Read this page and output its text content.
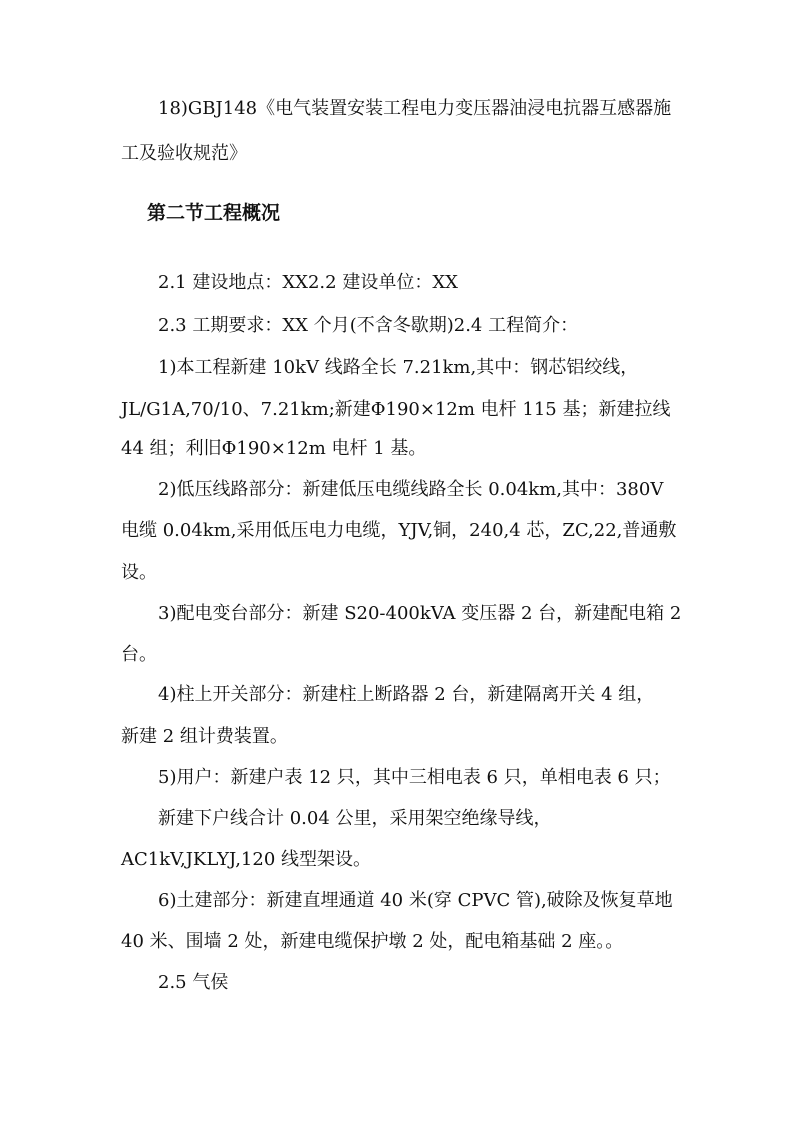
18)GBJ148《电气装置安装工程电力变压器油浸电抗器互感器施
工及验收规范》
第二节工程概况
2.1 建设地点：XX2.2 建设单位：XX
2.3 工期要求：XX 个月(不含冬歇期)2.4 工程简介：
1)本工程新建 10kV 线路全长 7.21km,其中：钢芯铝绞线，
JL/G1A,70/10、7.21km;新建Φ190×12m 电杆 115 基；新建拉线
44 组；利旧Φ190×12m 电杆 1 基。
2)低压线路部分：新建低压电缆线路全长 0.04km,其中：380V
电缆 0.04km,采用低压电力电缆，YJV,铜，240,4 芯，ZC,22,普通敷
设。
3)配电变台部分：新建 S20-400kVA 变压器 2 台，新建配电箱 2
台。
4)柱上开关部分：新建柱上断路器 2 台，新建隔离开关 4 组，
新建 2 组计费装置。
5)用户：新建户表 12 只，其中三相电表 6 只，单相电表 6 只；
新建下户线合计 0.04 公里，采用架空绝缘导线，
AC1kV,JKLYJ,120 线型架设。
6)土建部分：新建直埋通道 40 米(穿 CPVC 管),破除及恢复草地
40 米、围墙 2 处，新建电缆保护墩 2 处，配电箱基础 2 座。。
2.5 气侯
